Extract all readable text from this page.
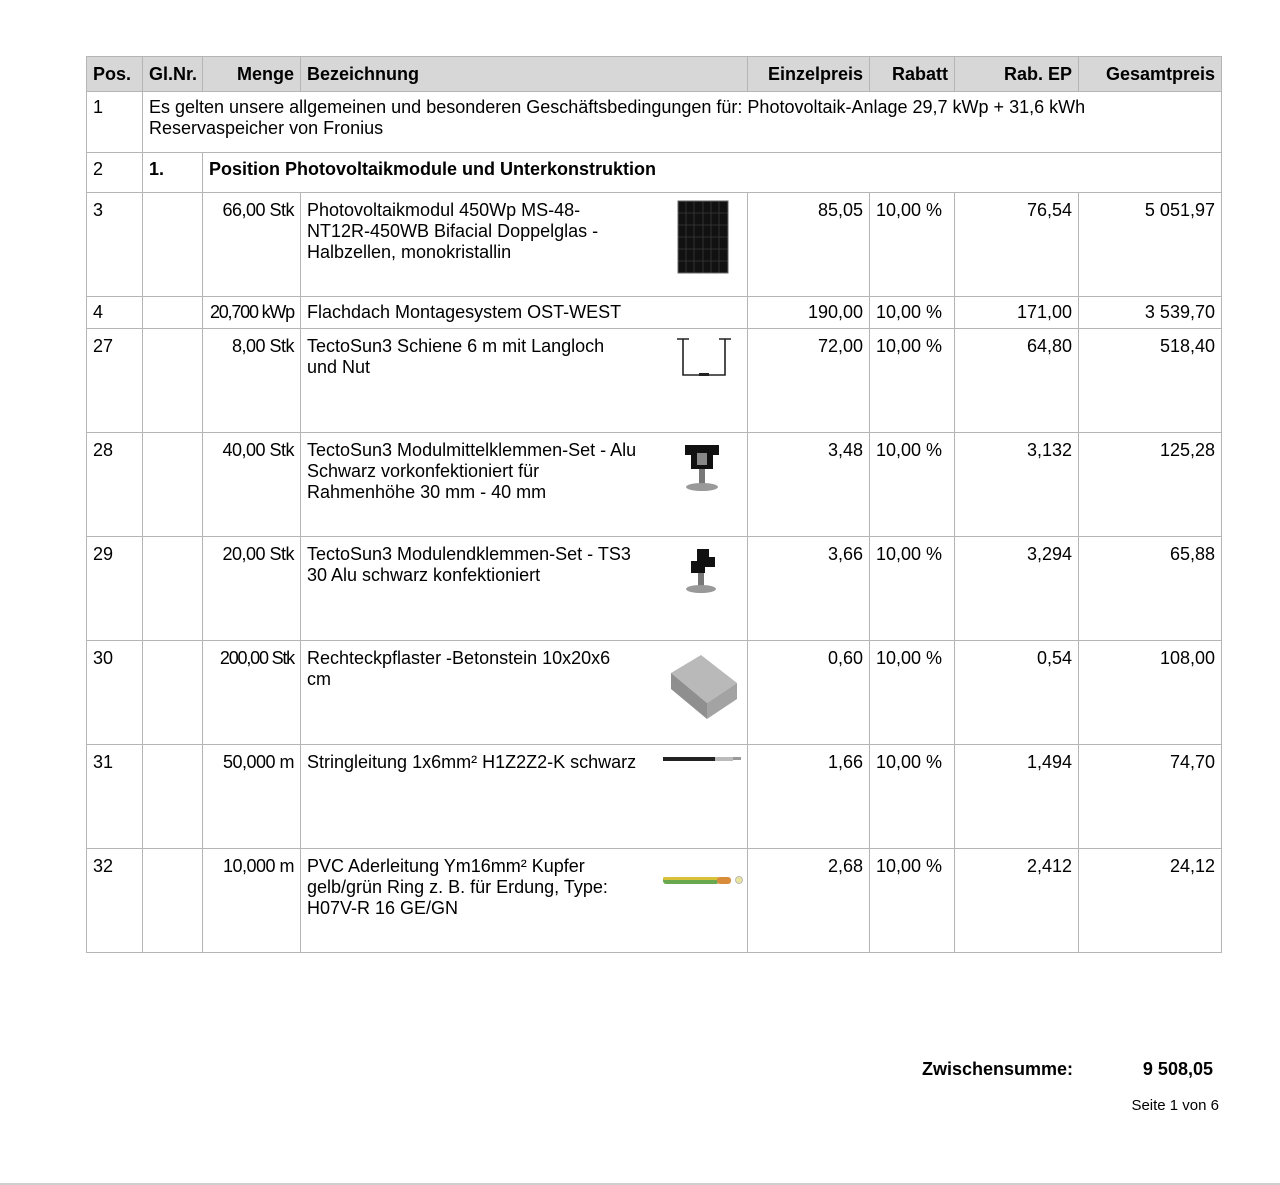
Pos.	Gl.Nr.	Menge	Bezeichnung	Einzelpreis	Rabatt	Rab. EP	Gesamtpreis
1	Es gelten unsere allgemeinen und besonderen Geschäftsbedingungen für: Photovoltaik-Anlage 29,7 kWp + 31,6 kWh Reservaspeicher von Fronius						
2	1.	Position Photovoltaikmodule und Unterkonstruktion					
3		66,00 Stk	Photovoltaikmodul 450Wp MS-48-NT12R-450WB Bifacial Doppelglas - Halbzellen, monokristallin	85,05	10,00 %	76,54	5 051,97
4		20,700 kWp	Flachdach Montagesystem OST-WEST	190,00	10,00 %	171,00	3 539,70
27		8,00 Stk	TectoSun3 Schiene 6 m mit Langloch und Nut	72,00	10,00 %	64,80	518,40
28		40,00 Stk	TectoSun3 Modulmittelklemmen-Set - Alu Schwarz vorkonfektioniert für Rahmenhöhe 30 mm - 40 mm	3,48	10,00 %	3,132	125,28
29		20,00 Stk	TectoSun3 Modulendklemmen-Set - TS3 30 Alu schwarz konfektioniert	3,66	10,00 %	3,294	65,88
30		200,00 Stk	Rechteckpflaster -Betonstein 10x20x6 cm	0,60	10,00 %	0,54	108,00
31		50,000 m	Stringleitung 1x6mm² H1Z2Z2-K schwarz	1,66	10,00 %	1,494	74,70
32		10,000 m	PVC Aderleitung Ym16mm² Kupfer gelb/grün Ring z. B. für Erdung, Type: H07V-R 16 GE/GN	2,68	10,00 %	2,412	24,12
Zwischensumme:	9 508,05
Seite 1 von 6
